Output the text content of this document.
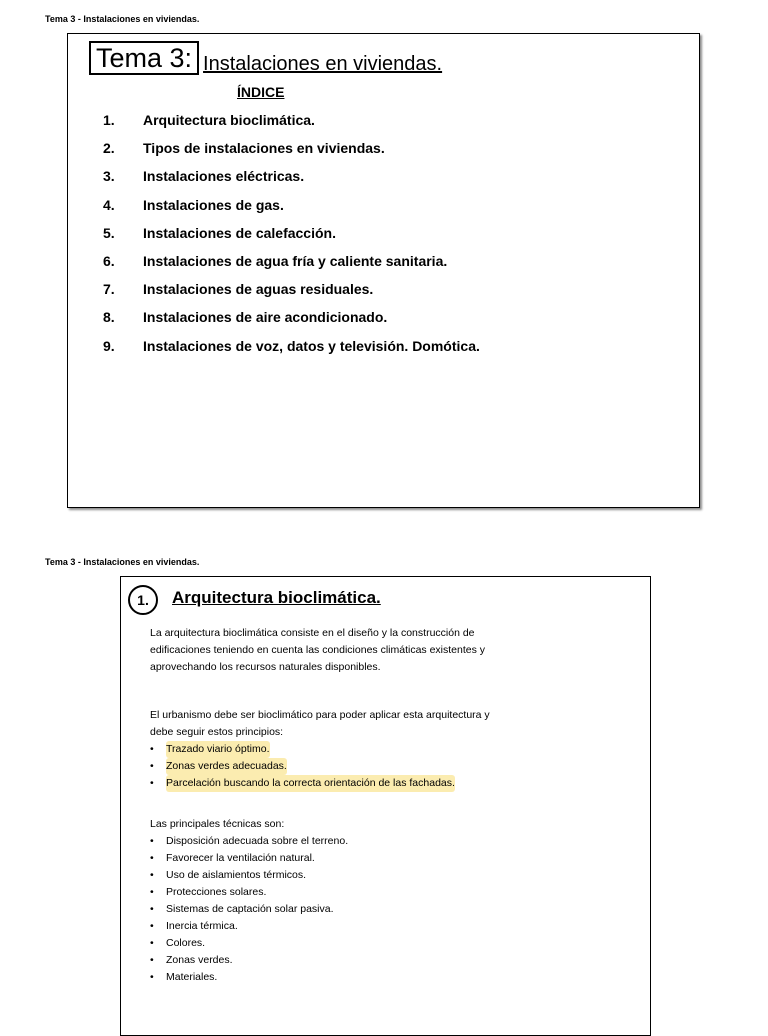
Tema 3 - Instalaciones en viviendas.
Tema 3: Instalaciones en viviendas.
ÍNDICE
1.	Arquitectura bioclimática.
2.	Tipos de instalaciones en viviendas.
3.	Instalaciones eléctricas.
4.	Instalaciones de gas.
5.	Instalaciones de calefacción.
6.	Instalaciones de agua fría y caliente sanitaria.
7.	Instalaciones de aguas residuales.
8.	Instalaciones de aire acondicionado.
9.	Instalaciones de voz, datos y televisión. Domótica.
Tema 3 - Instalaciones en viviendas.
1.	Arquitectura bioclimática.

La arquitectura bioclimática consiste en el diseño y la construcción de

edificaciones teniendo en cuenta las condiciones climáticas existentes y

aprovechando los recursos naturales disponibles.

El urbanismo debe ser bioclimático para poder aplicar esta arquitectura y

debe seguir estos principios:

•	Trazado viario óptimo.
•	Zonas verdes adecuadas.
•	Parcelación buscando la correcta orientación de las fachadas.

Las principales técnicas son:

•	Disposición adecuada sobre el terreno.
•	Favorecer la ventilación natural.
•	Uso de aislamientos térmicos.
•	Protecciones solares.
•	Sistemas de captación solar pasiva.
•	Inercia térmica.
•	Colores.
•	Zonas verdes.
•	Materiales.
